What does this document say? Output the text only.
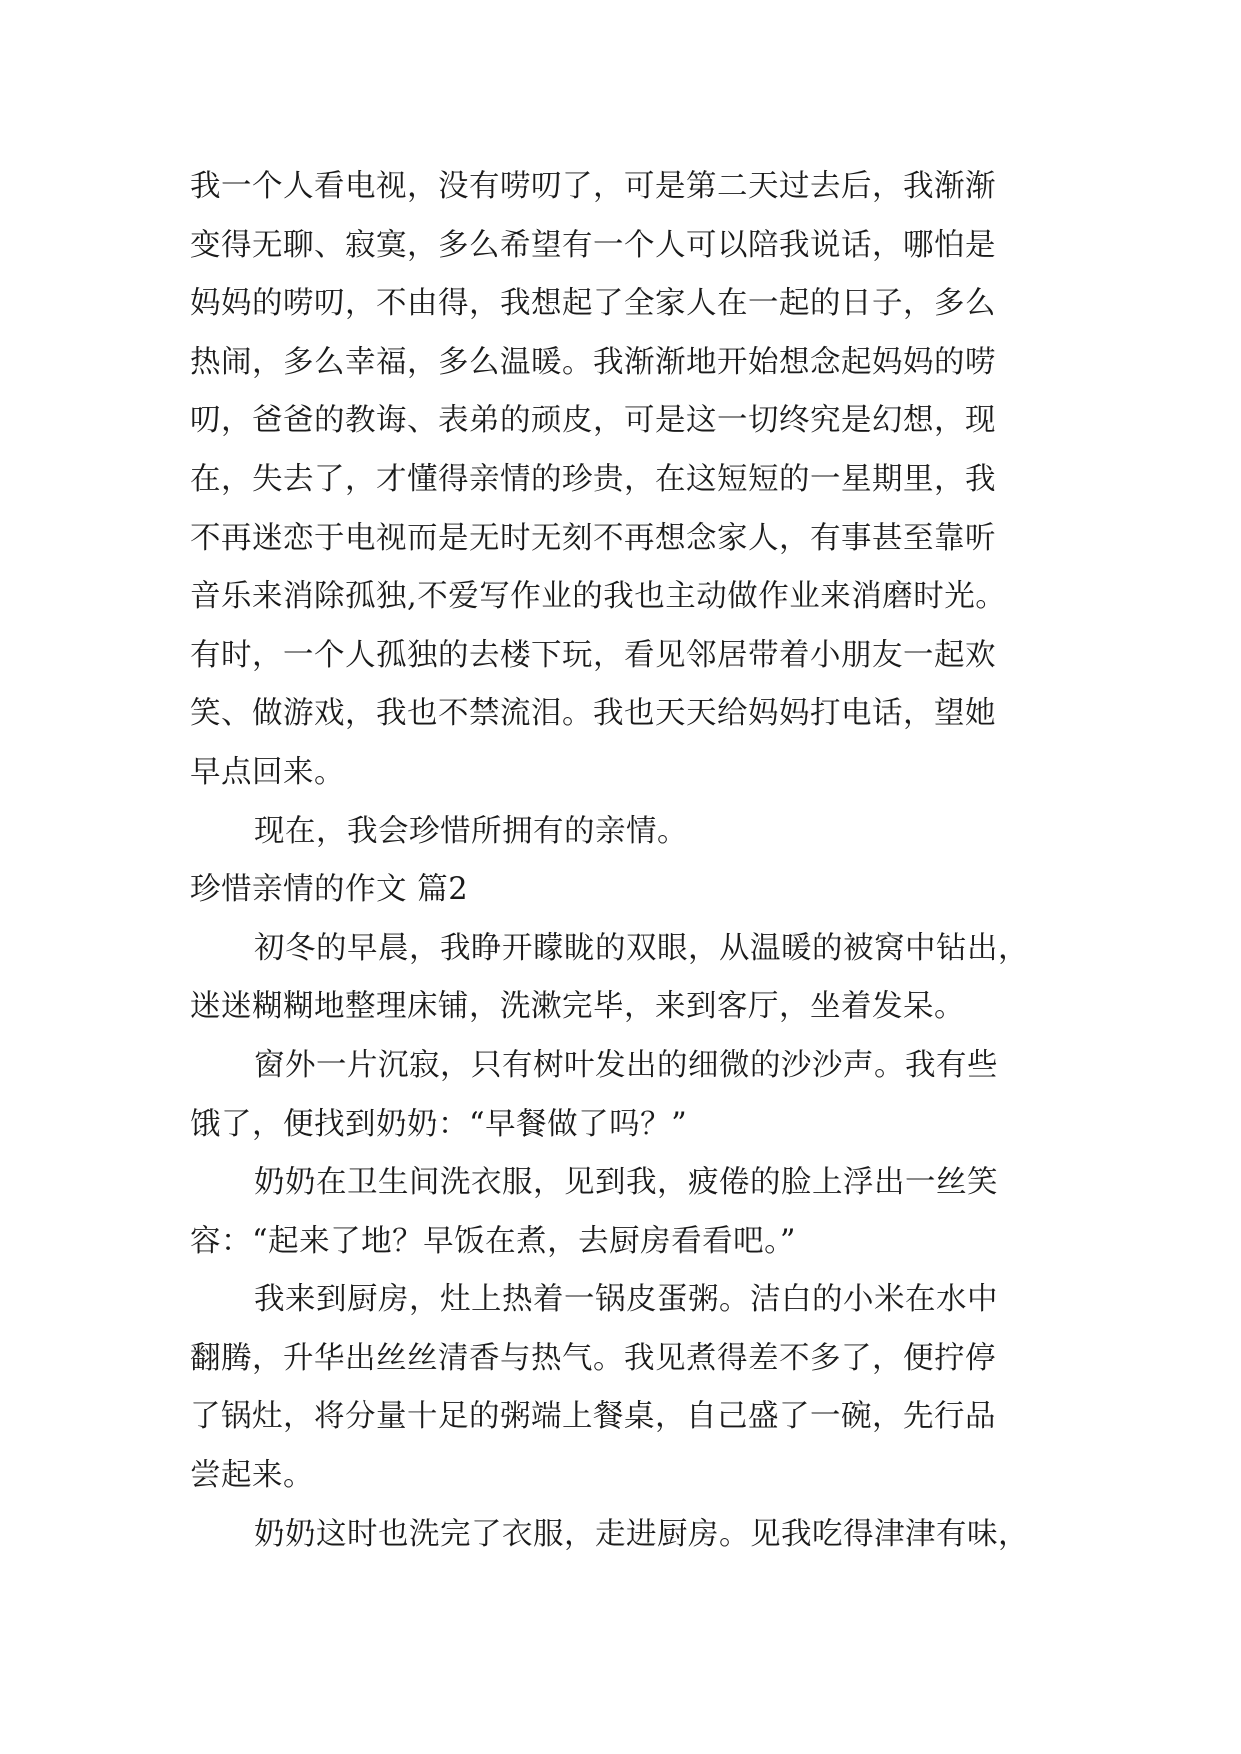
我一个人看电视，没有唠叨了，可是第二天过去后，我渐渐
变得无聊、寂寞，多么希望有一个人可以陪我说话，哪怕是
妈妈的唠叨，不由得，我想起了全家人在一起的日子，多么
热闹，多么幸福，多么温暖。我渐渐地开始想念起妈妈的唠
叨，爸爸的教诲、表弟的顽皮，可是这一切终究是幻想，现
在，失去了，才懂得亲情的珍贵，在这短短的一星期里，我
不再迷恋于电视而是无时无刻不再想念家人，有事甚至靠听
音乐来消除孤独,不爱写作业的我也主动做作业来消磨时光。
有时，一个人孤独的去楼下玩，看见邻居带着小朋友一起欢
笑、做游戏，我也不禁流泪。我也天天给妈妈打电话，望她
早点回来。
现在，我会珍惜所拥有的亲情。
珍惜亲情的作文 篇2
初冬的早晨，我睁开矇眬的双眼，从温暖的被窝中钻出，
迷迷糊糊地整理床铺，洗漱完毕，来到客厅，坐着发呆。
窗外一片沉寂，只有树叶发出的细微的沙沙声。我有些
饿了，便找到奶奶：“早餐做了吗？”
奶奶在卫生间洗衣服，见到我，疲倦的脸上浮出一丝笑
容：“起来了地？早饭在煮，去厨房看看吧。”
我来到厨房，灶上热着一锅皮蛋粥。洁白的小米在水中
翻腾，升华出丝丝清香与热气。我见煮得差不多了，便拧停
了锅灶，将分量十足的粥端上餐桌，自己盛了一碗，先行品
尝起来。
奶奶这时也洗完了衣服，走进厨房。见我吃得津津有味，
